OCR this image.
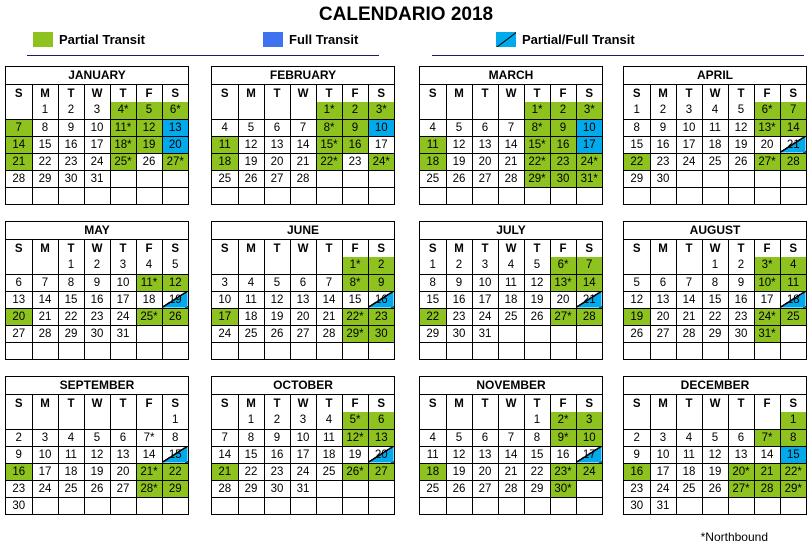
CALENDARIO 2018
Partial Transit	Full Transit	Partial/Full Transit
JANUARY
S	M	T	W	T	F	S
	1	2	3	4*	5	6*
7	8	9	10	11*	12	13
14	15	16	17	18*	19	20
21	22	23	24	25*	26	27*
28	29	30	31			

FEBRUARY
S	M	T	W	T	F	S
				1*	2	3*
4	5	6	7	8*	9	10
11	12	13	14	15*	16	17
18	19	20	21	22*	23	24*
25	26	27	28			

MARCH
S	M	T	W	T	F	S
				1*	2	3*
4	5	6	7	8*	9	10
11	12	13	14	15*	16	17
18	19	20	21	22*	23	24*
25	26	27	28	29*	30	31*

APRIL
S	M	T	W	T	F	S
1	2	3	4	5	6*	7
8	9	10	11	12	13*	14
15	16	17	18	19	20	21
22	23	24	25	26	27*	28
29	30					

MAY
S	M	T	W	T	F	S
		1	2	3	4	5
6	7	8	9	10	11*	12
13	14	15	16	17	18	19
20	21	22	23	24	25*	26
27	28	29	30	31		

JUNE
S	M	T	W	T	F	S
					1*	2
3	4	5	6	7	8*	9
10	11	12	13	14	15	16
17	18	19	20	21	22*	23
24	25	26	27	28	29*	30

JULY
S	M	T	W	T	F	S
1	2	3	4	5	6*	7
8	9	10	11	12	13*	14
15	16	17	18	19	20	21
22	23	24	25	26	27*	28
29	30	31				

AUGUST
S	M	T	W	T	F	S
			1	2	3*	4
5	6	7	8	9	10*	11
12	13	14	15	16	17	18
19	20	21	22	23	24*	25
26	27	28	29	30	31*	

SEPTEMBER
S	M	T	W	T	F	S
						1
2	3	4	5	6	7*	8
9	10	11	12	13	14	15
16	17	18	19	20	21*	22
23	24	25	26	27	28*	29
30						
OCTOBER
S	M	T	W	T	F	S
	1	2	3	4	5*	6
7	8	9	10	11	12*	13
14	15	16	17	18	19	20
21	22	23	24	25	26*	27
28	29	30	31			

NOVEMBER
S	M	T	W	T	F	S
				1	2*	3
4	5	6	7	8	9*	10
11	12	13	14	15	16	17
18	19	20	21	22	23*	24
25	26	27	28	29	30*	

DECEMBER
S	M	T	W	T	F	S
						1
2	3	4	5	6	7*	8
9	10	11	12	13	14	15
16	17	18	19	20*	21	22*
23	24	25	26	27*	28	29*
30	31					
*Northbound
